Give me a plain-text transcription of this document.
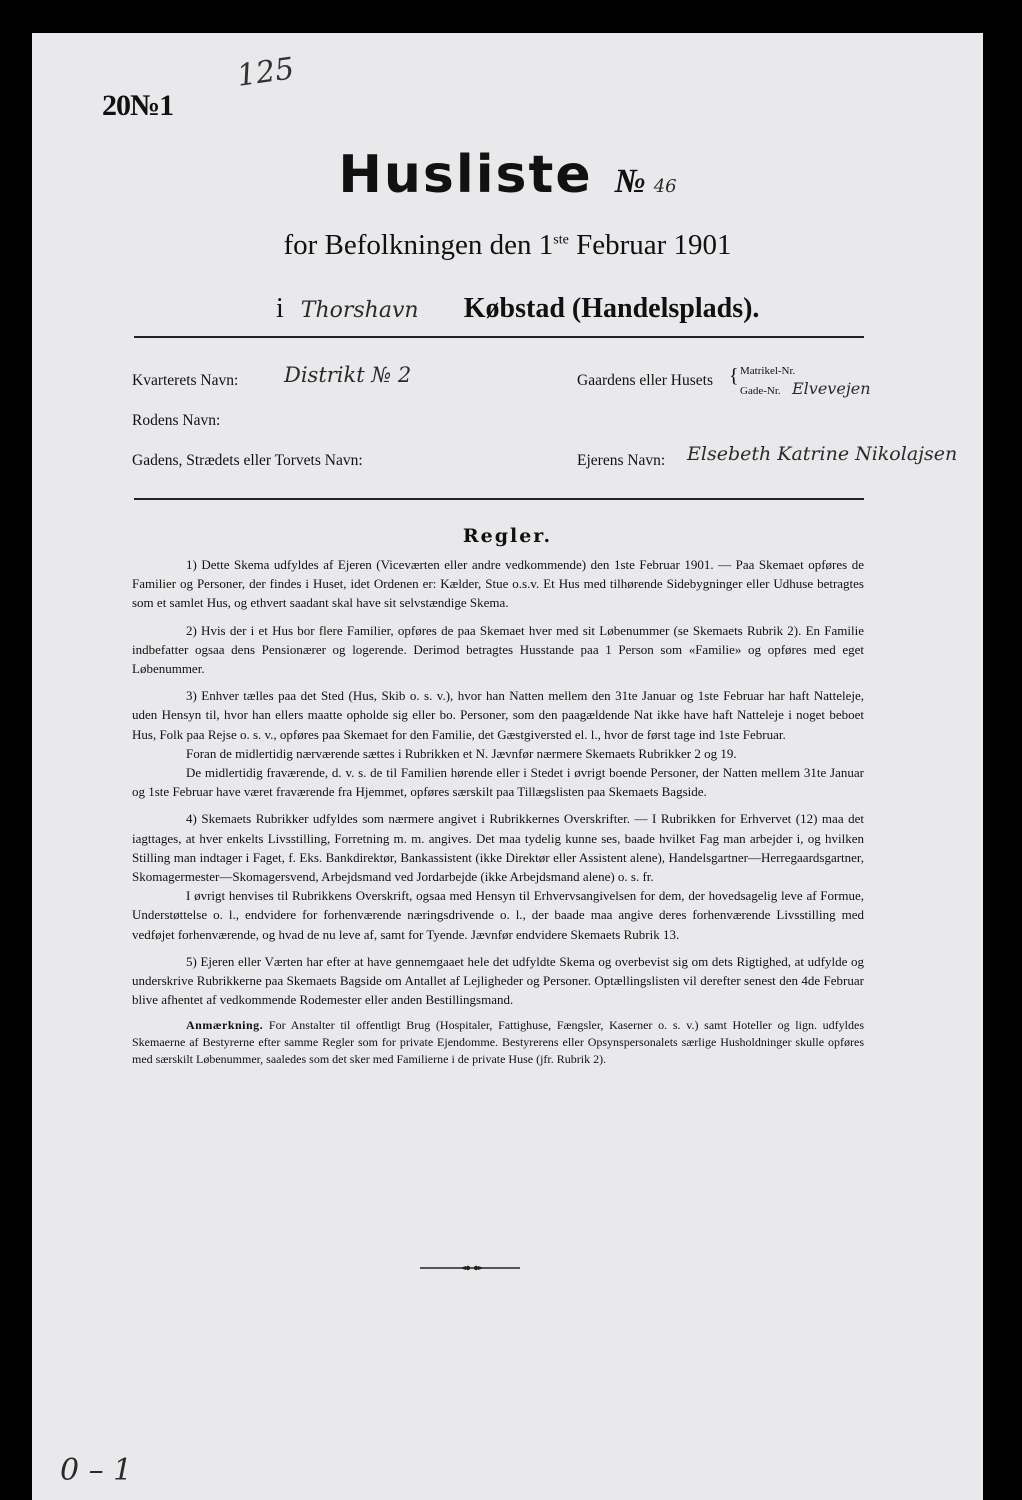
20№1
125
Husliste № 46
for Befolkningen den 1ste Februar 1901
i Thorshavn Købstad (Handelsplads).
Kvarterets Navn: Distrikt № 2	Gaardens eller Husets { Matrikel-Nr.
Gade-Nr. Elvevejen
Rodens Navn:
Gadens, Strædets eller Torvets Navn:	Ejerens Navn: Elsebeth Katrine Nikolajsen
Regler.

1) Dette Skema udfyldes af Ejeren (Viceværten eller andre vedkommende) den 1ste Februar 1901. — Paa Skemaet opføres de Familier og Personer, der findes i Huset, idet Ordenen er: Kælder, Stue o.s.v. Et Hus med tilhørende Sidebygninger eller Udhuse betragtes som et samlet Hus, og ethvert saadant skal have sit selvstændige Skema.

2) Hvis der i et Hus bor flere Familier, opføres de paa Skemaet hver med sit Løbenummer (se Skemaets Rubrik 2). En Familie indbefatter ogsaa dens Pensionærer og logerende. Derimod betragtes Husstande paa 1 Person som «Familie» og opføres med eget Løbenummer.

3) Enhver tælles paa det Sted (Hus, Skib o. s. v.), hvor han Natten mellem den 31te Januar og 1ste Februar har haft Natteleje, uden Hensyn til, hvor han ellers maatte opholde sig eller bo. Personer, som den paagældende Nat ikke have haft Natteleje i noget beboet Hus, Folk paa Rejse o. s. v., opføres paa Skemaet for den Familie, det Gæstgiversted el. l., hvor de først tage ind 1ste Februar.

Foran de midlertidig nærværende sættes i Rubrikken et N. Jævnfør nærmere Skemaets Rubrikker 2 og 19.

De midlertidig fraværende, d. v. s. de til Familien hørende eller i Stedet i øvrigt boende Personer, der Natten mellem 31te Januar og 1ste Februar have været fraværende fra Hjemmet, opføres særskilt paa Tillægslisten paa Skemaets Bagside.

4) Skemaets Rubrikker udfyldes som nærmere angivet i Rubrikkernes Overskrifter. — I Rubrikken for Erhvervet (12) maa det iagttages, at hver enkelts Livsstilling, Forretning m. m. angives. Det maa tydelig kunne ses, baade hvilket Fag man arbejder i, og hvilken Stilling man indtager i Faget, f. Eks. Bankdirektør, Bankassistent (ikke Direktør eller Assistent alene), Handelsgartner—Herregaardsgartner, Skomagermester—Skomagersvend, Arbejdsmand ved Jordarbejde (ikke Arbejdsmand alene) o. s. fr.

I øvrigt henvises til Rubrikkens Overskrift, ogsaa med Hensyn til Erhvervsangivelsen for dem, der hovedsagelig leve af Formue, Understøttelse o. l., endvidere for forhenværende næringsdrivende o. l., der baade maa angive deres forhenværende Livsstilling med vedføjet forhenværende, og hvad de nu leve af, samt for Tyende. Jævnfør endvidere Skemaets Rubrik 13.

5) Ejeren eller Værten har efter at have gennemgaaet hele det udfyldte Skema og overbevist sig om dets Rigtighed, at udfylde og underskrive Rubrikkerne paa Skemaets Bagside om Antallet af Lejligheder og Personer. Optællingslisten vil derefter senest den 4de Februar blive afhentet af vedkommende Rodemester eller anden Bestillingsmand.

Anmærkning. For Anstalter til offentligt Brug (Hospitaler, Fattighuse, Fængsler, Kaserner o. s. v.) samt Hoteller og lign. udfyldes Skemaerne af Bestyrerne efter samme Regler som for private Ejendomme. Bestyrerens eller Opsynspersonalets særlige Husholdninger skulle opføres med særskilt Løbenummer, saaledes som det sker med Familierne i de private Huse (jfr. Rubrik 2).

0 – 1
